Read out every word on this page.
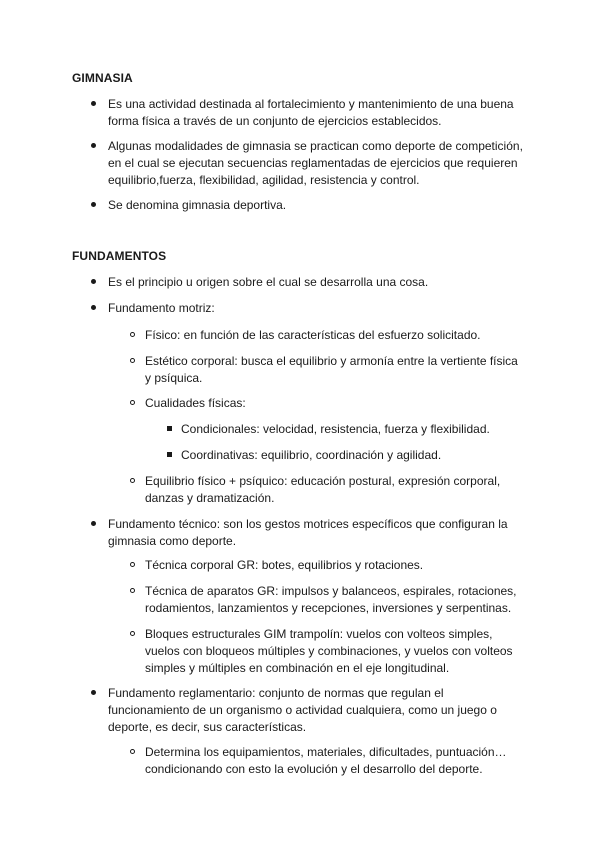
GIMNASIA
Es una actividad destinada al fortalecimiento y mantenimiento de una buena
forma física a través de un conjunto de ejercicios establecidos.
Algunas modalidades de gimnasia se practican como deporte de competición,
en el cual se ejecutan secuencias reglamentadas de ejercicios que requieren
equilibrio,fuerza, flexibilidad, agilidad, resistencia y control.
Se denomina gimnasia deportiva.
FUNDAMENTOS
Es el principio u origen sobre el cual se desarrolla una cosa.
Fundamento motriz:
Físico: en función de las características del esfuerzo solicitado.
Estético corporal: busca el equilibrio y armonía entre la vertiente física
y psíquica.
Cualidades físicas:
Condicionales: velocidad, resistencia, fuerza y flexibilidad.
Coordinativas: equilibrio, coordinación y agilidad.
Equilibrio físico + psíquico: educación postural, expresión corporal,
danzas y dramatización.
Fundamento técnico: son los gestos motrices específicos que configuran la
gimnasia como deporte.
Técnica corporal GR: botes, equilibrios y rotaciones.
Técnica de aparatos GR: impulsos y balanceos, espirales, rotaciones,
rodamientos, lanzamientos y recepciones, inversiones y serpentinas.
Bloques estructurales GIM trampolín: vuelos con volteos simples,
vuelos con bloqueos múltiples y combinaciones, y vuelos con volteos
simples y múltiples en combinación en el eje longitudinal.
Fundamento reglamentario: conjunto de normas que regulan el
funcionamiento de un organismo o actividad cualquiera, como un juego o
deporte, es decir, sus características.
Determina los equipamientos, materiales, dificultades, puntuación…
condicionando con esto la evolución y el desarrollo del deporte.
